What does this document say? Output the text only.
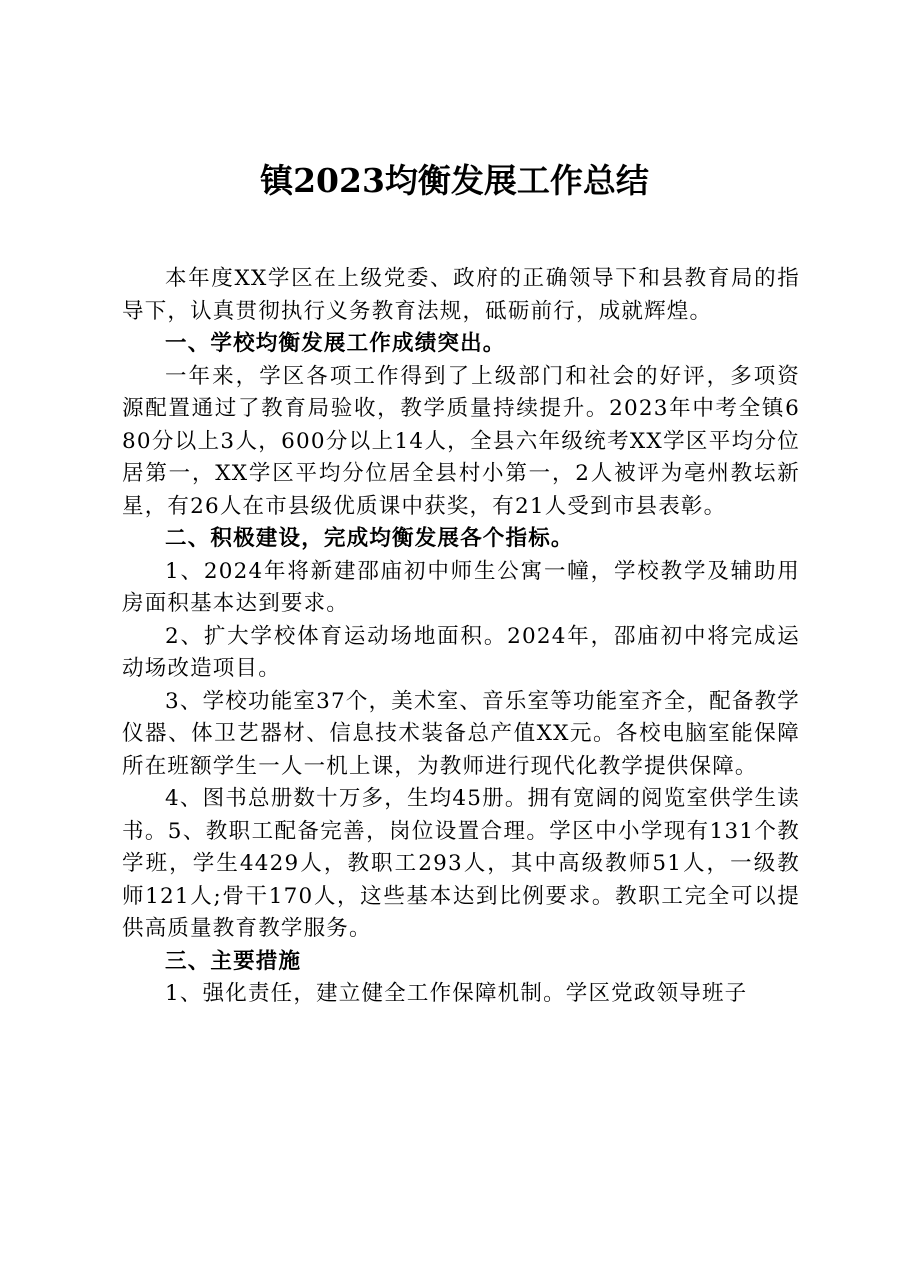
镇2023均衡发展工作总结

本年度XX学区在上级党委、政府的正确领导下和县教育局的指导下，认真贯彻执行义务教育法规，砥砺前行，成就辉煌。

一、学校均衡发展工作成绩突出。

一年来，学区各项工作得到了上级部门和社会的好评，多项资源配置通过了教育局验收，教学质量持续提升。2023年中考全镇680分以上3人，600分以上14人，全县六年级统考XX学区平均分位居第一，XX学区平均分位居全县村小第一，2人被评为亳州教坛新星，有26人在市县级优质课中获奖，有21人受到市县表彰。

二、积极建设，完成均衡发展各个指标。

1、2024年将新建邵庙初中师生公寓一幢，学校教学及辅助用房面积基本达到要求。

2、扩大学校体育运动场地面积。2024年，邵庙初中将完成运动场改造项目。

3、学校功能室37个，美术室、音乐室等功能室齐全，配备教学仪器、体卫艺器材、信息技术装备总产值XX元。各校电脑室能保障所在班额学生一人一机上课，为教师进行现代化教学提供保障。

4、图书总册数十万多，生均45册。拥有宽阔的阅览室供学生读书。5、教职工配备完善，岗位设置合理。学区中小学现有131个教学班，学生4429人，教职工293人，其中高级教师51人，一级教师121人;骨干170人，这些基本达到比例要求。教职工完全可以提供高质量教育教学服务。

三、主要措施

1、强化责任，建立健全工作保障机制。学区党政领导班子
